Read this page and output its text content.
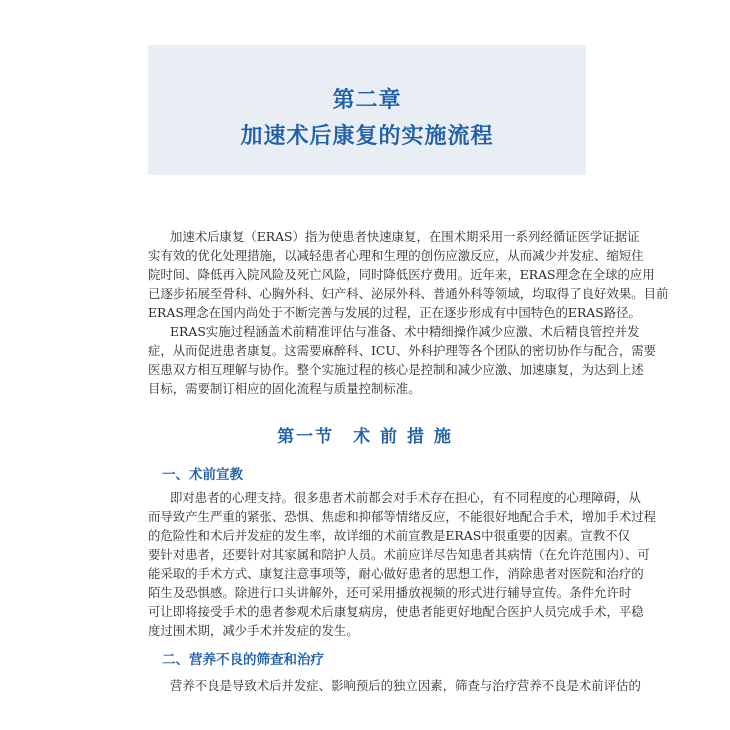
第二章
加速术后康复的实施流程
加速术后康复（ERAS）指为使患者快速康复，在围术期采用一系列经循证医学证据证
实有效的优化处理措施，以减轻患者心理和生理的创伤应激反应，从而减少并发症、缩短住
院时间、降低再入院风险及死亡风险，同时降低医疗费用。近年来，ERAS理念在全球的应用
已逐步拓展至骨科、心胸外科、妇产科、泌尿外科、普通外科等领域，均取得了良好效果。目前
ERAS理念在国内尚处于不断完善与发展的过程，正在逐步形成有中国特色的ERAS路径。
ERAS实施过程涵盖术前精准评估与准备、术中精细操作减少应激、术后精良管控并发
症，从而促进患者康复。这需要麻醉科、ICU、外科护理等各个团队的密切协作与配合，需要
医患双方相互理解与协作。整个实施过程的核心是控制和减少应激、加速康复，为达到上述
目标，需要制订相应的固化流程与质量控制标准。
第一节　术 前 措 施
一、术前宣教
即对患者的心理支持。很多患者术前都会对手术存在担心，有不同程度的心理障碍，从
而导致产生严重的紧张、恐惧、焦虑和抑郁等情绪反应，不能很好地配合手术，增加手术过程
的危险性和术后并发症的发生率，故详细的术前宣教是ERAS中很重要的因素。宣教不仅
要针对患者，还要针对其家属和陪护人员。术前应详尽告知患者其病情（在允许范围内）、可
能采取的手术方式、康复注意事项等，耐心做好患者的思想工作，消除患者对医院和治疗的
陌生及恐惧感。除进行口头讲解外，还可采用播放视频的形式进行辅导宣传。条件允许时
可让即将接受手术的患者参观术后康复病房，使患者能更好地配合医护人员完成手术，平稳
度过围术期，减少手术并发症的发生。
二、营养不良的筛查和治疗
营养不良是导致术后并发症、影响预后的独立因素，筛查与治疗营养不良是术前评估的
